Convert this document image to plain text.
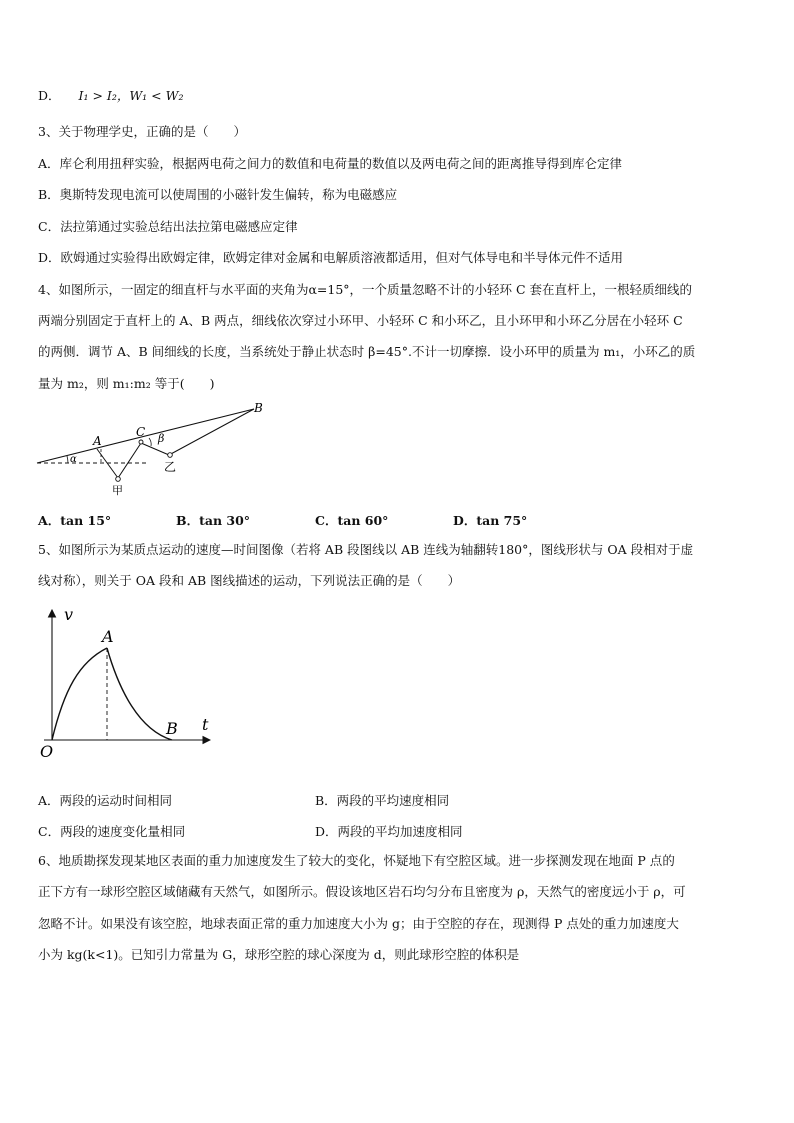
D． I₁ > I₂，W₁ < W₂
3、关于物理学史，正确的是（　　）
A．库仑利用扭秤实验，根据两电荷之间力的数值和电荷量的数值以及两电荷之间的距离推导得到库仑定律
B．奥斯特发现电流可以使周围的小磁针发生偏转，称为电磁感应
C．法拉第通过实验总结出法拉第电磁感应定律
D．欧姆通过实验得出欧姆定律，欧姆定律对金属和电解质溶液都适用，但对气体导电和半导体元件不适用
4、如图所示，一固定的细直杆与水平面的夹角为α=15°，一个质量忽略不计的小轻环 C 套在直杆上，一根轻质细线的
两端分别固定于直杆上的 A、B 两点，细线依次穿过小环甲、小轻环 C 和小环乙，且小环甲和小环乙分居在小轻环 C
的两侧．调节 A、B 间细线的长度，当系统处于静止状态时 β=45°.不计一切摩擦．设小环甲的质量为 m₁，小环乙的质
量为 m₂，则 m₁:m₂ 等于(　　)
A
B
C
α
β
甲
乙
A．tan 15°	B．tan 30°	C．tan 60°	D．tan 75°
5、如图所示为某质点运动的速度—时间图像（若将 AB 段图线以 AB 连线为轴翻转180°，图线形状与 OA 段相对于虚
线对称），则关于 OA 段和 AB 图线描述的运动，下列说法正确的是（　　）
v
t
O
A
B
A．两段的运动时间相同	B．两段的平均速度相同
C．两段的速度变化量相同	D．两段的平均加速度相同
6、地质勘探发现某地区表面的重力加速度发生了较大的变化，怀疑地下有空腔区域。进一步探测发现在地面 P 点的
正下方有一球形空腔区域储藏有天然气，如图所示。假设该地区岩石均匀分布且密度为 ρ，天然气的密度远小于 ρ，可
忽略不计。如果没有该空腔，地球表面正常的重力加速度大小为 g；由于空腔的存在，现测得 P 点处的重力加速度大
小为 kg(k<1)。已知引力常量为 G，球形空腔的球心深度为 d，则此球形空腔的体积是
